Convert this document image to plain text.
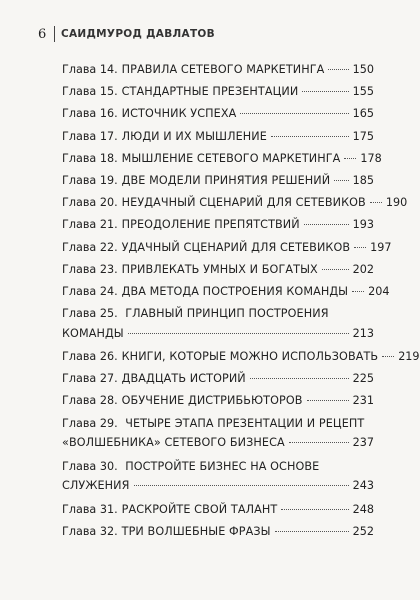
6	САИДМУРОД ДАВЛАТОВ
Глава 14. ПРАВИЛА СЕТЕВОГО МАРКЕТИНГА	150
Глава 15. СТАНДАРТНЫЕ ПРЕЗЕНТАЦИИ	155
Глава 16. ИСТОЧНИК УСПЕХА	165
Глава 17. ЛЮДИ И ИХ МЫШЛЕНИЕ	175
Глава 18. МЫШЛЕНИЕ СЕТЕВОГО МАРКЕТИНГА 178
Глава 19. ДВЕ МОДЕЛИ ПРИНЯТИЯ РЕШЕНИЙ 185
Глава 20. НЕУДАЧНЫЙ СЦЕНАРИЙ ДЛЯ СЕТЕВИКОВ 190
Глава 21. ПРЕОДОЛЕНИЕ ПРЕПЯТСТВИЙ	193
Глава 22. УДАЧНЫЙ СЦЕНАРИЙ ДЛЯ СЕТЕВИКОВ 197
Глава 23. ПРИВЛЕКАТЬ УМНЫХ И БОГАТЫХ	202
Глава 24. ДВА МЕТОДА ПОСТРОЕНИЯ КОМАНДЫ 204
Глава 25. ГЛАВНЫЙ ПРИНЦИП ПОСТРОЕНИЯ
КОМАНДЫ	213
Глава 26. КНИГИ, КОТОРЫЕ МОЖНО ИСПОЛЬЗОВАТЬ 219
Глава 27. ДВАДЦАТЬ ИСТОРИЙ	225
Глава 28. ОБУЧЕНИЕ ДИСТРИБЬЮТОРОВ	231
Глава 29. ЧЕТЫРЕ ЭТАПА ПРЕЗЕНТАЦИИ И РЕЦЕПТ
«ВОЛШЕБНИКА» СЕТЕВОГО БИЗНЕСА	237
Глава 30. ПОСТРОЙТЕ БИЗНЕС НА ОСНОВЕ
СЛУЖЕНИЯ	243
Глава 31. РАСКРОЙТЕ СВОЙ ТАЛАНТ	248
Глава 32. ТРИ ВОЛШЕБНЫЕ ФРАЗЫ	252
